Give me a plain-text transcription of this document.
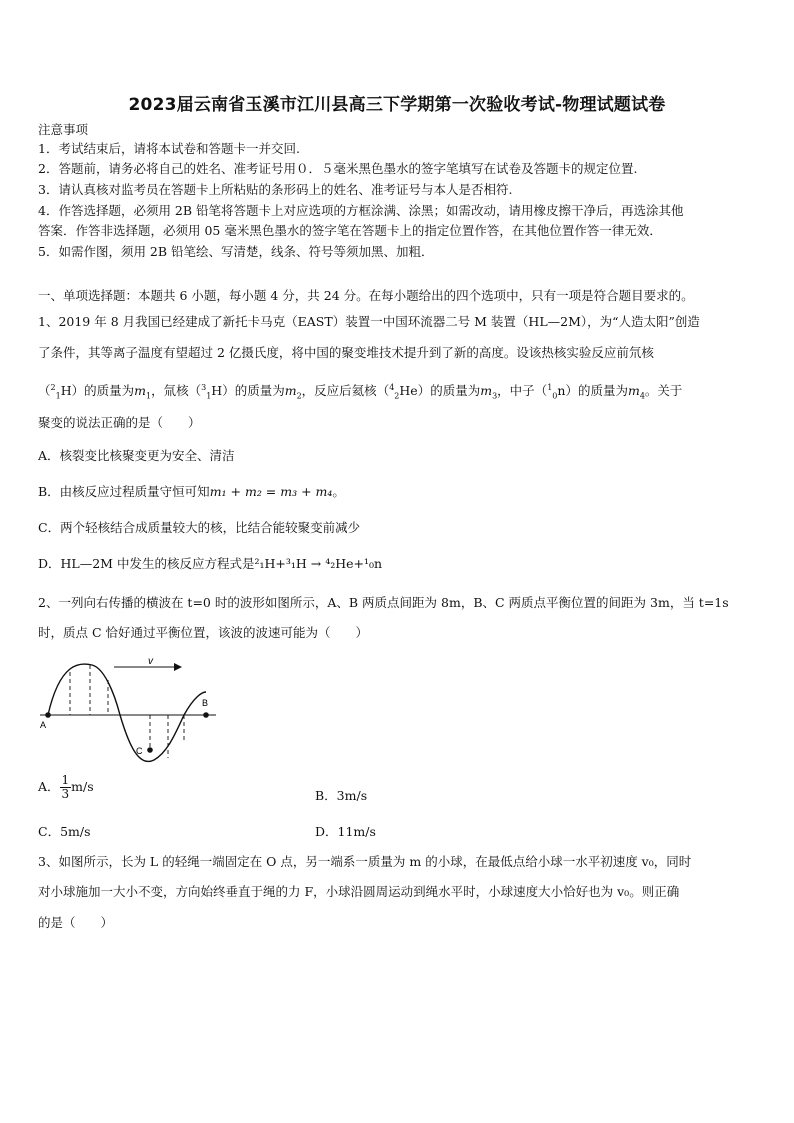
2023届云南省玉溪市江川县高三下学期第一次验收考试-物理试题试卷
注意事项
1．考试结束后，请将本试卷和答题卡一并交回.
2．答题前，请务必将自己的姓名、准考证号用０．５毫米黑色墨水的签字笔填写在试卷及答题卡的规定位置.
3．请认真核对监考员在答题卡上所粘贴的条形码上的姓名、准考证号与本人是否相符.
4．作答选择题，必须用 2B 铅笔将答题卡上对应选项的方框涂满、涂黑；如需改动，请用橡皮擦干净后，再选涂其他
答案．作答非选择题，必须用 05 毫米黑色墨水的签字笔在答题卡上的指定位置作答，在其他位置作答一律无效．
5．如需作图，须用 2B 铅笔绘、写清楚，线条、符号等须加黑、加粗．
一、单项选择题：本题共 6 小题，每小题 4 分，共 24 分。在每小题给出的四个选项中，只有一项是符合题目要求的。
1、2019 年 8 月我国已经建成了新托卡马克（EAST）装置一中国环流器二号 M 装置（HL—2M），为“人造太阳”创造
了条件，其等离子温度有望超过 2 亿摄氏度，将中国的聚变堆技术提升到了新的高度。设该热核实验反应前氘核
（$^2_1$H）的质量为$m_1$，氚核（$^3_1$H）的质量为$m_2$，反应后氦核（$^4_2$He）的质量为$m_3$，中子（$^1_0$n）的质量为$m_4$。关于
聚变的说法正确的是（　　）
A．核裂变比核聚变更为安全、清洁
B．由核反应过程质量守恒可知m₁ + m₂ = m₃ + m₄。
C．两个轻核结合成质量较大的核，比结合能较聚变前减少
D．HL—2M 中发生的核反应方程式是²₁H+³₁H → ⁴₂He+¹₀n
2、一列向右传播的横波在 t=0 时的波形如图所示，A、B 两质点间距为 8m，B、C 两质点平衡位置的间距为 3m，当 t=1s
时，质点 C 恰好通过平衡位置，该波的波速可能为（　　）
v
A
B
C
A． $\frac{1}{3} m/s$
B．3m/s
C．5m/s	D．11m/s
3、如图所示，长为 L 的轻绳一端固定在 O 点，另一端系一质量为 m 的小球，在最低点给小球一水平初速度 v₀，同时
对小球施加一大小不变，方向始终垂直于绳的力 F，小球沿圆周运动到绳水平时，小球速度大小恰好也为 v₀。则正确
的是（　　）
